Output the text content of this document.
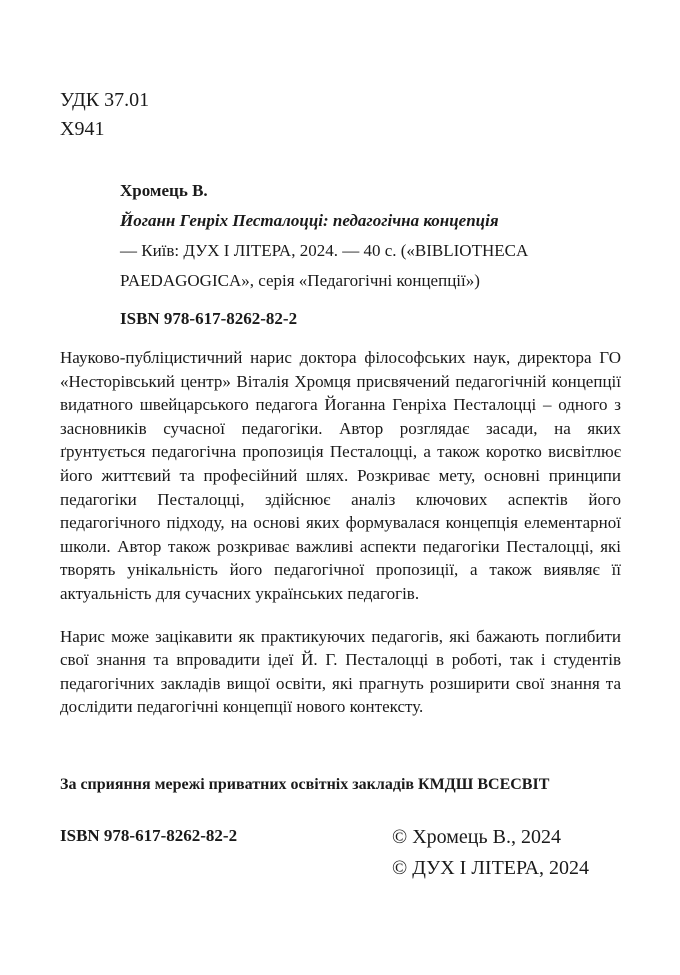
УДК 37.01
Х941
Хромець В.
Йоганн Генріх Песталоцці: педагогічна концепція
— Київ: ДУХ І ЛІТЕРА, 2024. — 40 с. («BIBLIOTHECA PAEDAGOGICA», серія «Педагогічні концепції»)
ISBN 978-617-8262-82-2

Науково-публіцистичний нарис доктора філософських наук, директора ГО «Несторівський центр» Віталія Хромця присвячений педагогічній концепції видатного швейцарського педагога Йоганна Генріха Песталоцці – одного з засновників сучасної педагогіки. Автор розглядає засади, на яких ґрунтується педагогічна пропозиція Песталоцці, а також коротко висвітлює його життєвий та професійний шлях. Розкриває мету, основні принципи педагогіки Песталоцці, здійснює аналіз ключових аспектів його педагогічного підходу, на основі яких формувалася концепція елементарної школи. Автор також розкриває важливі аспекти педагогіки Песталоцці, які творять унікальність його педагогічної пропозиції, а також виявляє її актуальність для сучасних українських педагогів.

Нарис може зацікавити як практикуючих педагогів, які бажають поглибити свої знання та впровадити ідеї Й. Г. Песталоцці в роботі, так і студентів педагогічних закладів вищої освіти, які прагнуть розширити свої знання та дослідити педагогічні концепції нового контексту.

За сприяння мережі приватних освітніх закладів КМДШ ВСЕСВІТ
ISBN 978-617-8262-82-2	© Хромець В., 2024
© ДУХ І ЛІТЕРА, 2024
